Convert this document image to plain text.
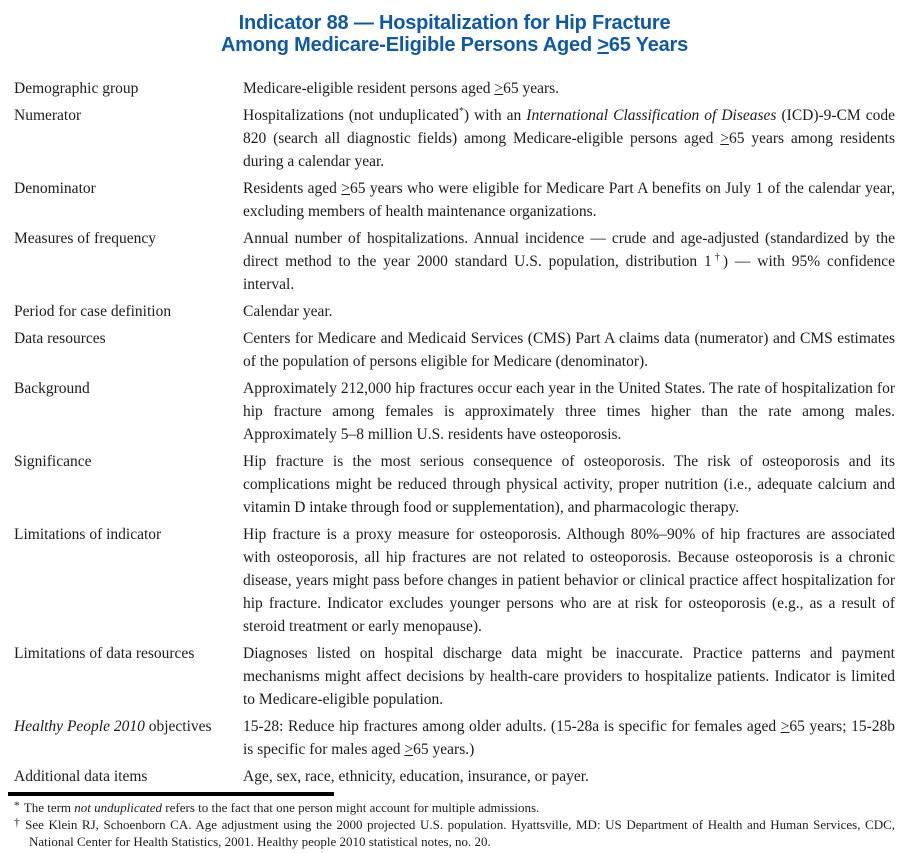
Indicator 88 — Hospitalization for Hip Fracture
Among Medicare-Eligible Persons Aged >65 Years
Demographic group	Medicare-eligible resident persons aged >65 years.
Numerator	Hospitalizations (not unduplicated*) with an International Classification of Diseases (ICD)-9-CM code 820 (search all diagnostic fields) among Medicare-eligible persons aged >65 years among residents during a calendar year.
Denominator	Residents aged >65 years who were eligible for Medicare Part A benefits on July 1 of the calendar year, excluding members of health maintenance organizations.
Measures of frequency	Annual number of hospitalizations. Annual incidence — crude and age-adjusted (standardized by the direct method to the year 2000 standard U.S. population, distribution 1†) — with 95% confidence interval.
Period for case definition	Calendar year.
Data resources	Centers for Medicare and Medicaid Services (CMS) Part A claims data (numerator) and CMS estimates of the population of persons eligible for Medicare (denominator).
Background	Approximately 212,000 hip fractures occur each year in the United States. The rate of hospitalization for hip fracture among females is approximately three times higher than the rate among males. Approximately 5–8 million U.S. residents have osteoporosis.
Significance	Hip fracture is the most serious consequence of osteoporosis. The risk of osteoporosis and its complications might be reduced through physical activity, proper nutrition (i.e., adequate calcium and vitamin D intake through food or supplementation), and pharmacologic therapy.
Limitations of indicator	Hip fracture is a proxy measure for osteoporosis. Although 80%–90% of hip fractures are associated with osteoporosis, all hip fractures are not related to osteoporosis. Because osteoporosis is a chronic disease, years might pass before changes in patient behavior or clinical practice affect hospitalization for hip fracture. Indicator excludes younger persons who are at risk for osteoporosis (e.g., as a result of steroid treatment or early menopause).
Limitations of data resources	Diagnoses listed on hospital discharge data might be inaccurate. Practice patterns and payment mechanisms might affect decisions by health-care providers to hospitalize patients. Indicator is limited to Medicare-eligible population.
Healthy People 2010 objectives	15-28: Reduce hip fractures among older adults. (15-28a is specific for females aged >65 years; 15-28b is specific for males aged >65 years.)
Additional data items	Age, sex, race, ethnicity, education, insurance, or payer.
* The term not unduplicated refers to the fact that one person might account for multiple admissions.
† See Klein RJ, Schoenborn CA. Age adjustment using the 2000 projected U.S. population. Hyattsville, MD: US Department of Health and Human Services, CDC, National Center for Health Statistics, 2001. Healthy people 2010 statistical notes, no. 20.
